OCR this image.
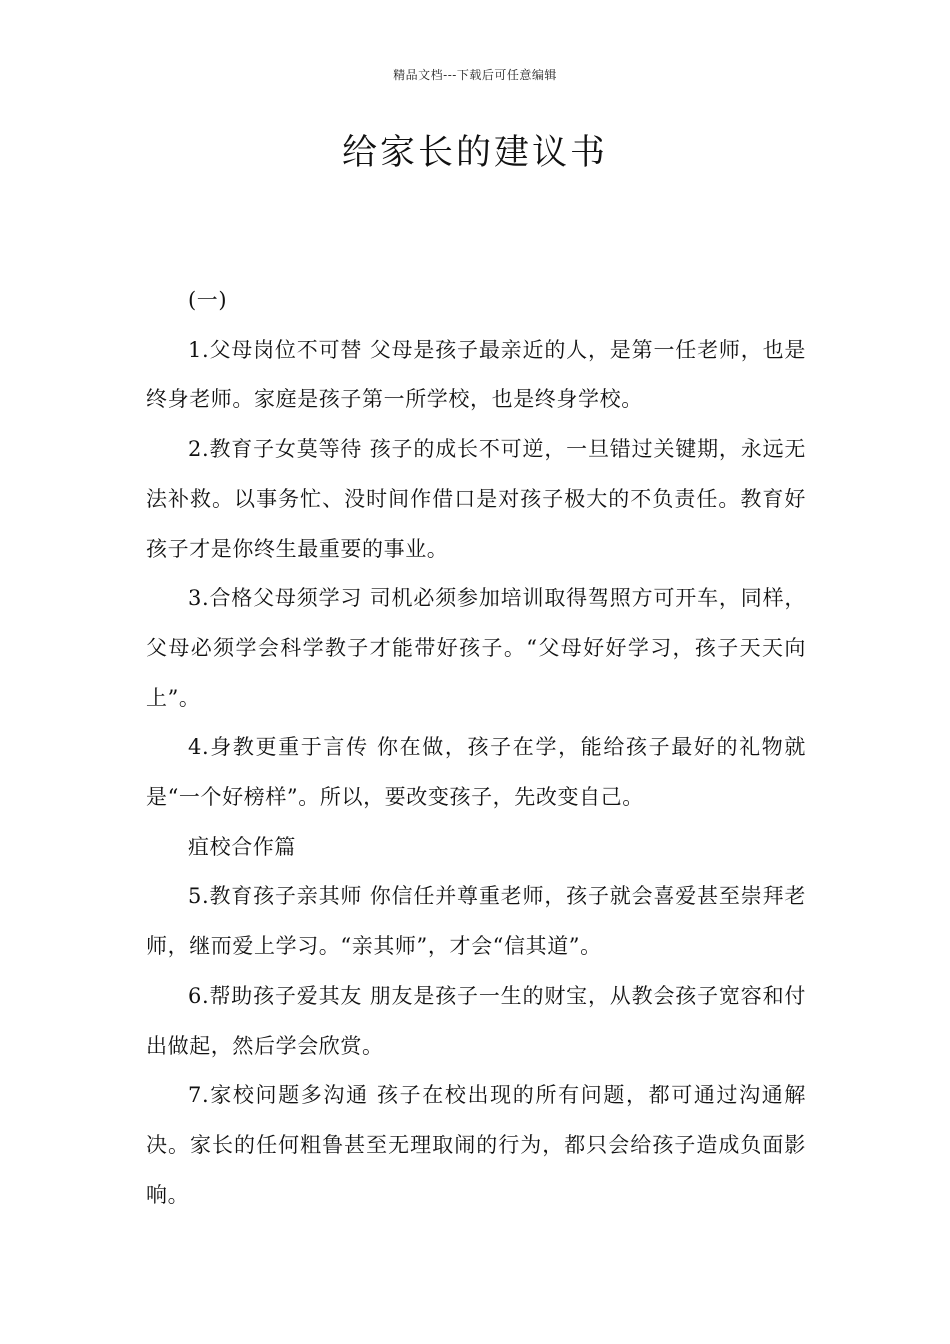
精品文档---下载后可任意编辑
给家长的建议书

(一)

1.父母岗位不可替 父母是孩子最亲近的人，是第一任老师，也是终身老师。家庭是孩子第一所学校，也是终身学校。

2.教育子女莫等待 孩子的成长不可逆，一旦错过关键期，永远无法补救。以事务忙、没时间作借口是对孩子极大的不负责任。教育好孩子才是你终生最重要的事业。

3.合格父母须学习 司机必须参加培训取得驾照方可开车，同样，父母必须学会科学教子才能带好孩子。“父母好好学习，孩子天天向上”。

4.身教更重于言传 你在做，孩子在学，能给孩子最好的礼物就是“一个好榜样”。所以，要改变孩子，先改变自己。

疽校合作篇

5.教育孩子亲其师 你信任并尊重老师，孩子就会喜爱甚至崇拜老师，继而爱上学习。“亲其师”，才会“信其道”。

6.帮助孩子爱其友 朋友是孩子一生的财宝，从教会孩子宽容和付出做起，然后学会欣赏。

7.家校问题多沟通 孩子在校出现的所有问题，都可通过沟通解决。家长的任何粗鲁甚至无理取闹的行为，都只会给孩子造成负面影响。
